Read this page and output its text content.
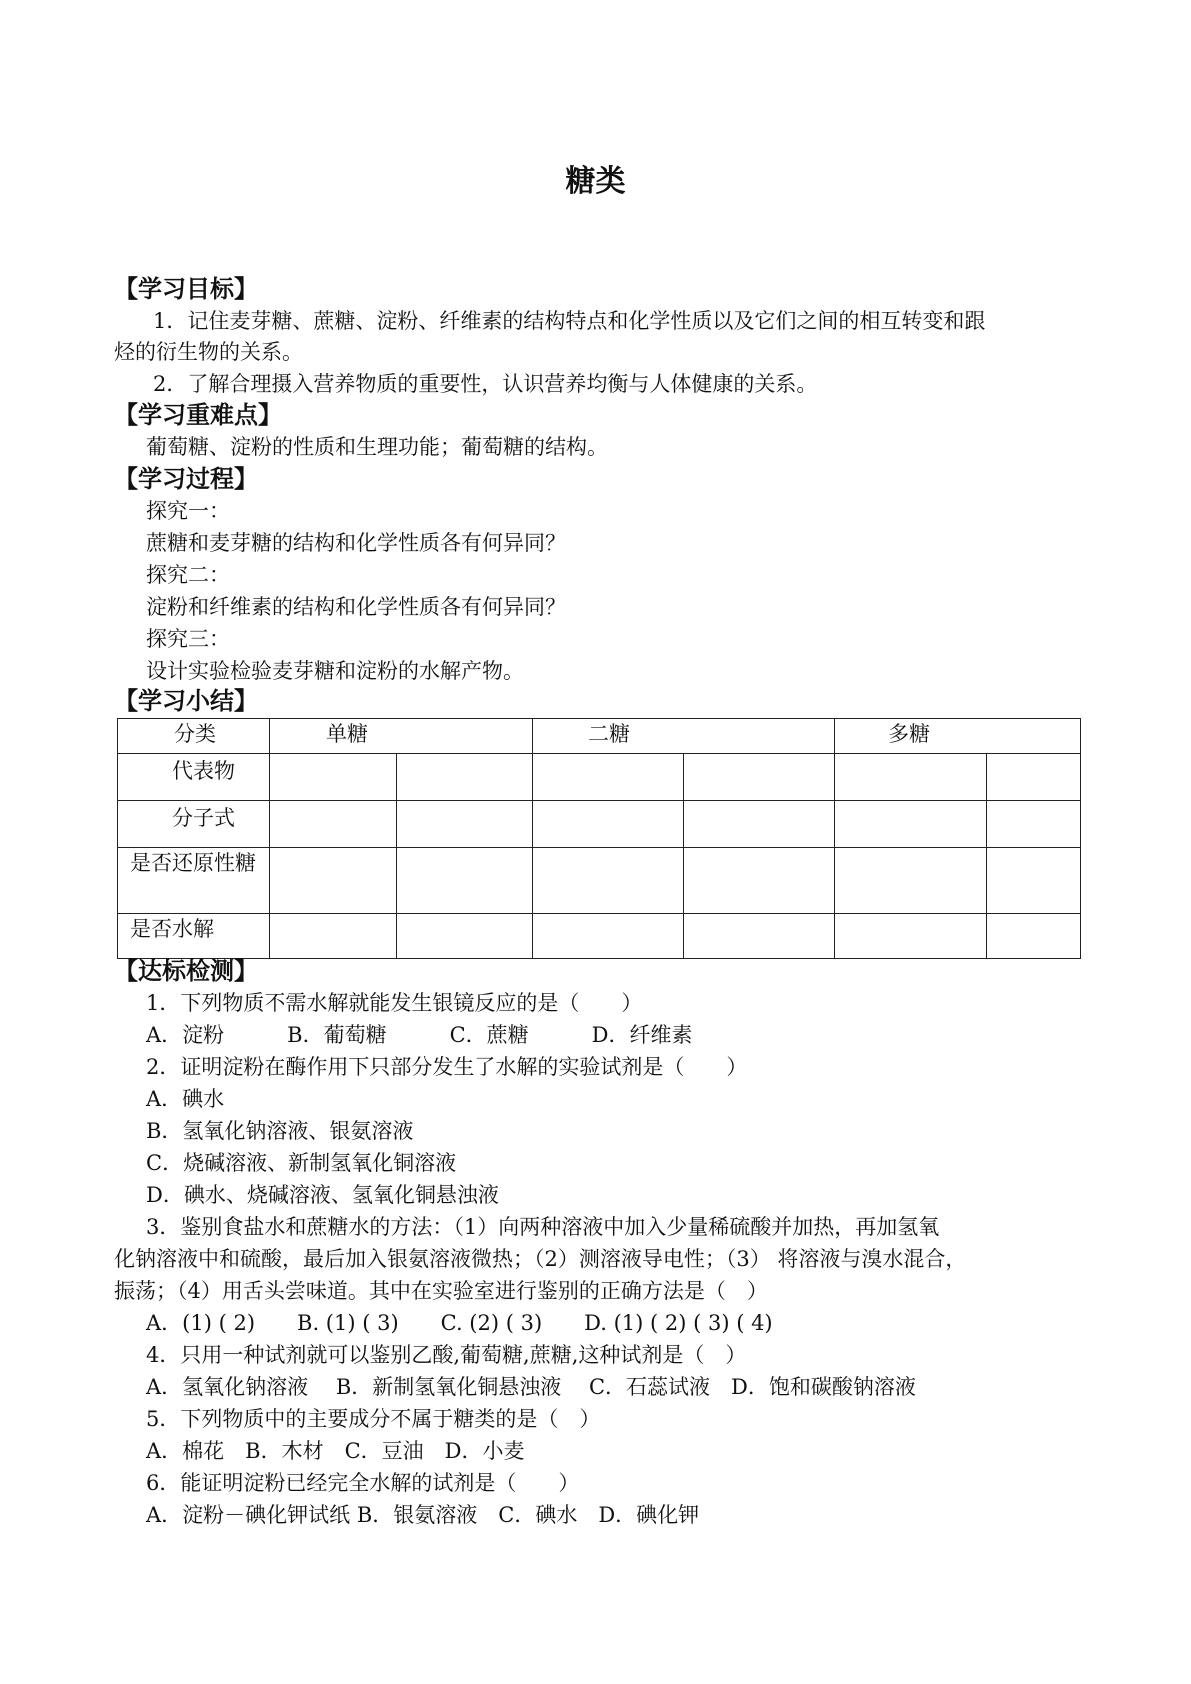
糖类
【学习目标】
1．记住麦芽糖、蔗糖、淀粉、纤维素的结构特点和化学性质以及它们之间的相互转变和跟
烃的衍生物的关系。
2．了解合理摄入营养物质的重要性，认识营养均衡与人体健康的关系。
【学习重难点】
葡萄糖、淀粉的性质和生理功能；葡萄糖的结构。
【学习过程】
探究一：
蔗糖和麦芽糖的结构和化学性质各有何异同？
探究二：
淀粉和纤维素的结构和化学性质各有何异同？
探究三：
设计实验检验麦芽糖和淀粉的水解产物。
【学习小结】
分类	单糖		二糖		多糖	
代表物						
分子式						
是否还原性糖						
是否水解						
【达标检测】
1．下列物质不需水解就能发生银镜反应的是（　　）
A．淀粉　　　B．葡萄糖　　　C．蔗糖　　　D．纤维素
2．证明淀粉在酶作用下只部分发生了水解的实验试剂是（　　）
A．碘水
B．氢氧化钠溶液、银氨溶液
C．烧碱溶液、新制氢氧化铜溶液
D．碘水、烧碱溶液、氢氧化铜悬浊液
3．鉴别食盐水和蔗糖水的方法：（1）向两种溶液中加入少量稀硫酸并加热，再加氢氧
化钠溶液中和硫酸，最后加入银氨溶液微热；（2）测溶液导电性；（3） 将溶液与溴水混合，
振荡；（4）用舌头尝味道。其中在实验室进行鉴别的正确方法是（　）
A．(1) ( 2)　　B. (1) ( 3)　　C. (2) ( 3)　　D. (1) ( 2) ( 3) ( 4)
4．只用一种试剂就可以鉴别乙酸,葡萄糖,蔗糖,这种试剂是（　）
A．氢氧化钠溶液　 B．新制氢氧化铜悬浊液　 C．石蕊试液　D．饱和碳酸钠溶液
5．下列物质中的主要成分不属于糖类的是（　）
A．棉花　B．木材　C．豆油　D．小麦
6．能证明淀粉已经完全水解的试剂是（　　）
A．淀粉－碘化钾试纸 B．银氨溶液　C．碘水　D．碘化钾
